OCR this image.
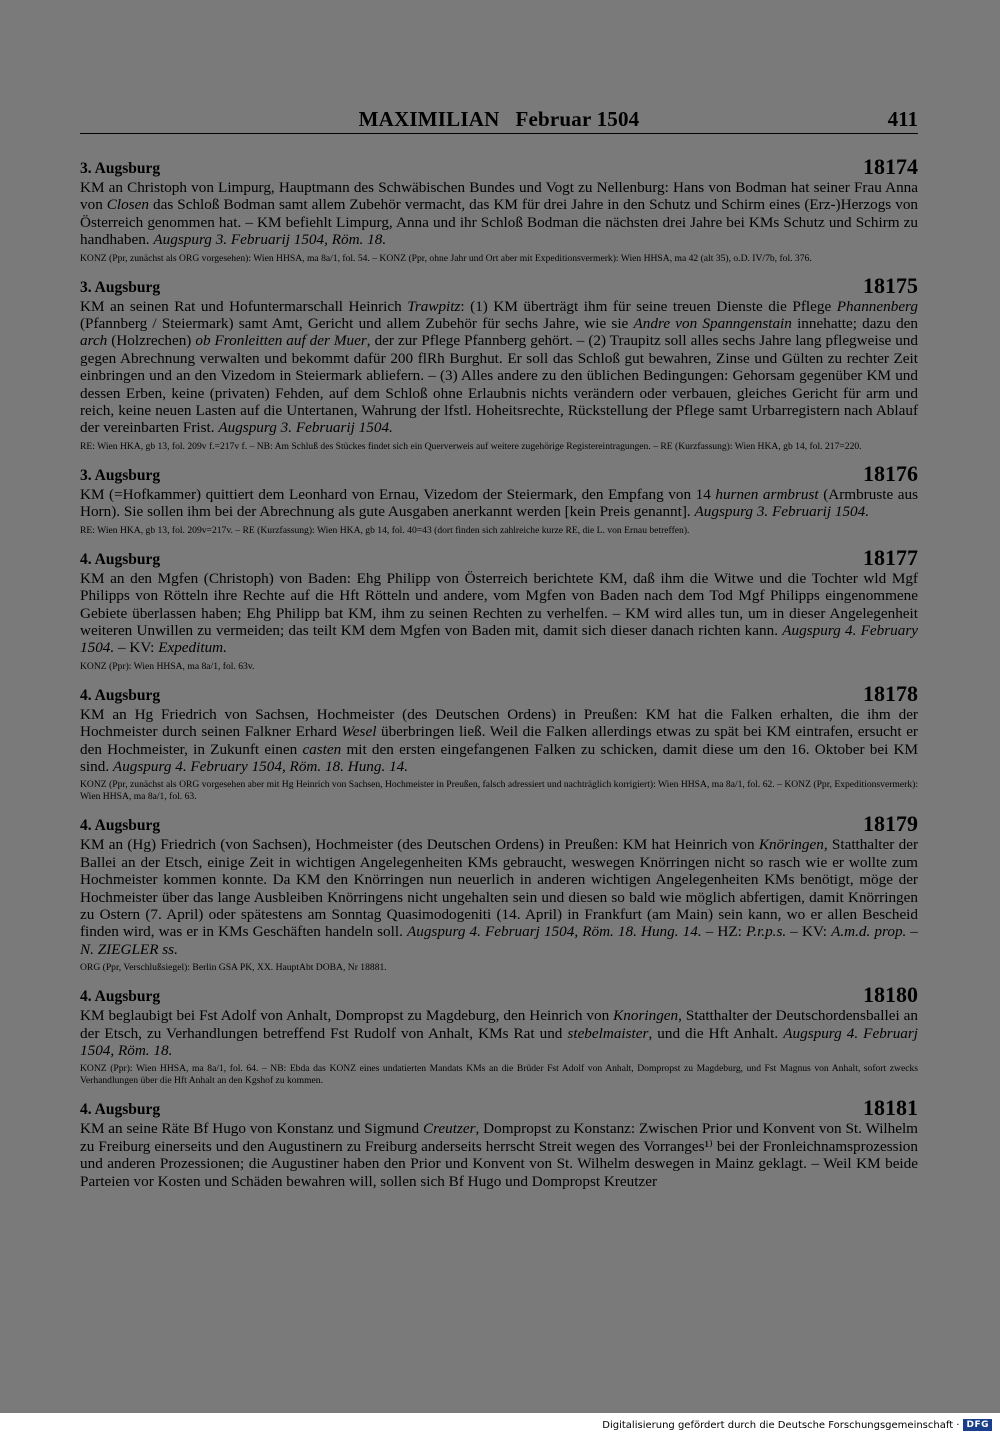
MAXIMILIAN Februar 1504	411
3. Augsburg	18174
KM an Christoph von Limpurg, Hauptmann des Schwäbischen Bundes und Vogt zu Nellenburg: Hans von Bodman hat seiner Frau Anna von Closen das Schloß Bodman samt allem Zubehör vermacht, das KM für drei Jahre in den Schutz und Schirm eines (Erz-)Herzogs von Österreich genommen hat. – KM befiehlt Limpurg, Anna und ihr Schloß Bodman die nächsten drei Jahre bei KMs Schutz und Schirm zu handhaben. Augspurg 3. Februarij 1504, Röm. 18.
KONZ (Ppr, zunächst als ORG vorgesehen): Wien HHSA, ma 8a/1, fol. 54. – KONZ (Ppr, ohne Jahr und Ort aber mit Expeditionsvermerk): Wien HHSA, ma 42 (alt 35), o.D. IV/7b, fol. 376.
3. Augsburg	18175
KM an seinen Rat und Hofuntermarschall Heinrich Trawpitz: (1) KM überträgt ihm für seine treuen Dienste die Pflege Phannenberg (Pfannberg / Steiermark) samt Amt, Gericht und allem Zubehör für sechs Jahre, wie sie Andre von Spanngenstain innehatte; dazu den arch (Holzrechen) ob Fronleitten auf der Muer, der zur Pflege Pfannberg gehört. – (2) Traupitz soll alles sechs Jahre lang pflegweise und gegen Abrechnung verwalten und bekommt dafür 200 flRh Burghut. Er soll das Schloß gut bewahren, Zinse und Gülten zu rechter Zeit einbringen und an den Vizedom in Steiermark abliefern. – (3) Alles andere zu den üblichen Bedingungen: Gehorsam gegenüber KM und dessen Erben, keine (privaten) Fehden, auf dem Schloß ohne Erlaubnis nichts verändern oder verbauen, gleiches Gericht für arm und reich, keine neuen Lasten auf die Untertanen, Wahrung der lfstl. Hoheitsrechte, Rückstellung der Pflege samt Urbarregistern nach Ablauf der vereinbarten Frist. Augspurg 3. Februarij 1504.
RE: Wien HKA, gb 13, fol. 209v f.=217v f. – NB: Am Schluß des Stückes findet sich ein Querverweis auf weitere zugehörige Registereintragungen. – RE (Kurzfassung): Wien HKA, gb 14, fol. 217=220.
3. Augsburg	18176
KM (=Hofkammer) quittiert dem Leonhard von Ernau, Vizedom der Steiermark, den Empfang von 14 hurnen armbrust (Armbruste aus Horn). Sie sollen ihm bei der Abrechnung als gute Ausgaben anerkannt werden [kein Preis genannt]. Augspurg 3. Februarij 1504.
RE: Wien HKA, gb 13, fol. 209v=217v. – RE (Kurzfassung): Wien HKA, gb 14, fol. 40=43 (dort finden sich zahlreiche kurze RE, die L. von Ernau betreffen).
4. Augsburg	18177
KM an den Mgfen (Christoph) von Baden: Ehg Philipp von Österreich berichtete KM, daß ihm die Witwe und die Tochter wld Mgf Philipps von Rötteln ihre Rechte auf die Hft Rötteln und andere, vom Mgfen von Baden nach dem Tod Mgf Philipps eingenommene Gebiete überlassen haben; Ehg Philipp bat KM, ihm zu seinen Rechten zu verhelfen. – KM wird alles tun, um in dieser Angelegenheit weiteren Unwillen zu vermeiden; das teilt KM dem Mgfen von Baden mit, damit sich dieser danach richten kann. Augspurg 4. February 1504. – KV: Expeditum.
KONZ (Ppr): Wien HHSA, ma 8a/1, fol. 63v.
4. Augsburg	18178
KM an Hg Friedrich von Sachsen, Hochmeister (des Deutschen Ordens) in Preußen: KM hat die Falken erhalten, die ihm der Hochmeister durch seinen Falkner Erhard Wesel überbringen ließ. Weil die Falken allerdings etwas zu spät bei KM eintrafen, ersucht er den Hochmeister, in Zukunft einen casten mit den ersten eingefangenen Falken zu schicken, damit diese um den 16. Oktober bei KM sind. Augspurg 4. February 1504, Röm. 18. Hung. 14.
KONZ (Ppr, zunächst als ORG vorgesehen aber mit Hg Heinrich von Sachsen, Hochmeister in Preußen, falsch adressiert und nachträglich korrigiert): Wien HHSA, ma 8a/1, fol. 62. – KONZ (Ppr, Expeditionsvermerk): Wien HHSA, ma 8a/1, fol. 63.
4. Augsburg	18179
KM an (Hg) Friedrich (von Sachsen), Hochmeister (des Deutschen Ordens) in Preußen: KM hat Heinrich von Knöringen, Statthalter der Ballei an der Etsch, einige Zeit in wichtigen Angelegenheiten KMs gebraucht, weswegen Knörringen nicht so rasch wie er wollte zum Hochmeister kommen konnte. Da KM den Knörringen nun neuerlich in anderen wichtigen Angelegenheiten KMs benötigt, möge der Hochmeister über das lange Ausbleiben Knörringens nicht ungehalten sein und diesen so bald wie möglich abfertigen, damit Knörringen zu Ostern (7. April) oder spätestens am Sonntag Quasimodogeniti (14. April) in Frankfurt (am Main) sein kann, wo er allen Bescheid finden wird, was er in KMs Geschäften handeln soll. Augspurg 4. Februarj 1504, Röm. 18. Hung. 14. – HZ: P.r.p.s. – KV: A.m.d. prop. – N. ZIEGLER ss.
ORG (Ppr, Verschlußsiegel): Berlin GSA PK, XX. HauptAbt DOBA, Nr 18881.
4. Augsburg	18180
KM beglaubigt bei Fst Adolf von Anhalt, Dompropst zu Magdeburg, den Heinrich von Knoringen, Statthalter der Deutschordensballei an der Etsch, zu Verhandlungen betreffend Fst Rudolf von Anhalt, KMs Rat und stebelmaister, und die Hft Anhalt. Augspurg 4. Februarj 1504, Röm. 18.
KONZ (Ppr): Wien HHSA, ma 8a/1, fol. 64. – NB: Ebda das KONZ eines undatierten Mandats KMs an die Brüder Fst Adolf von Anhalt, Dompropst zu Magdeburg, und Fst Magnus von Anhalt, sofort zwecks Verhandlungen über die Hft Anhalt an den Kgshof zu kommen.
4. Augsburg	18181
KM an seine Räte Bf Hugo von Konstanz und Sigmund Creutzer, Dompropst zu Konstanz: Zwischen Prior und Konvent von St. Wilhelm zu Freiburg einerseits und den Augustinern zu Freiburg anderseits herrscht Streit wegen des Vorranges¹⁾ bei der Fronleichnamsprozession und anderen Prozessionen; die Augustiner haben den Prior und Konvent von St. Wilhelm deswegen in Mainz geklagt. – Weil KM beide Parteien vor Kosten und Schäden bewahren will, sollen sich Bf Hugo und Dompropst Kreutzer
Digitalisierung gefördert durch die Deutsche Forschungsgemeinschaft · DFG
